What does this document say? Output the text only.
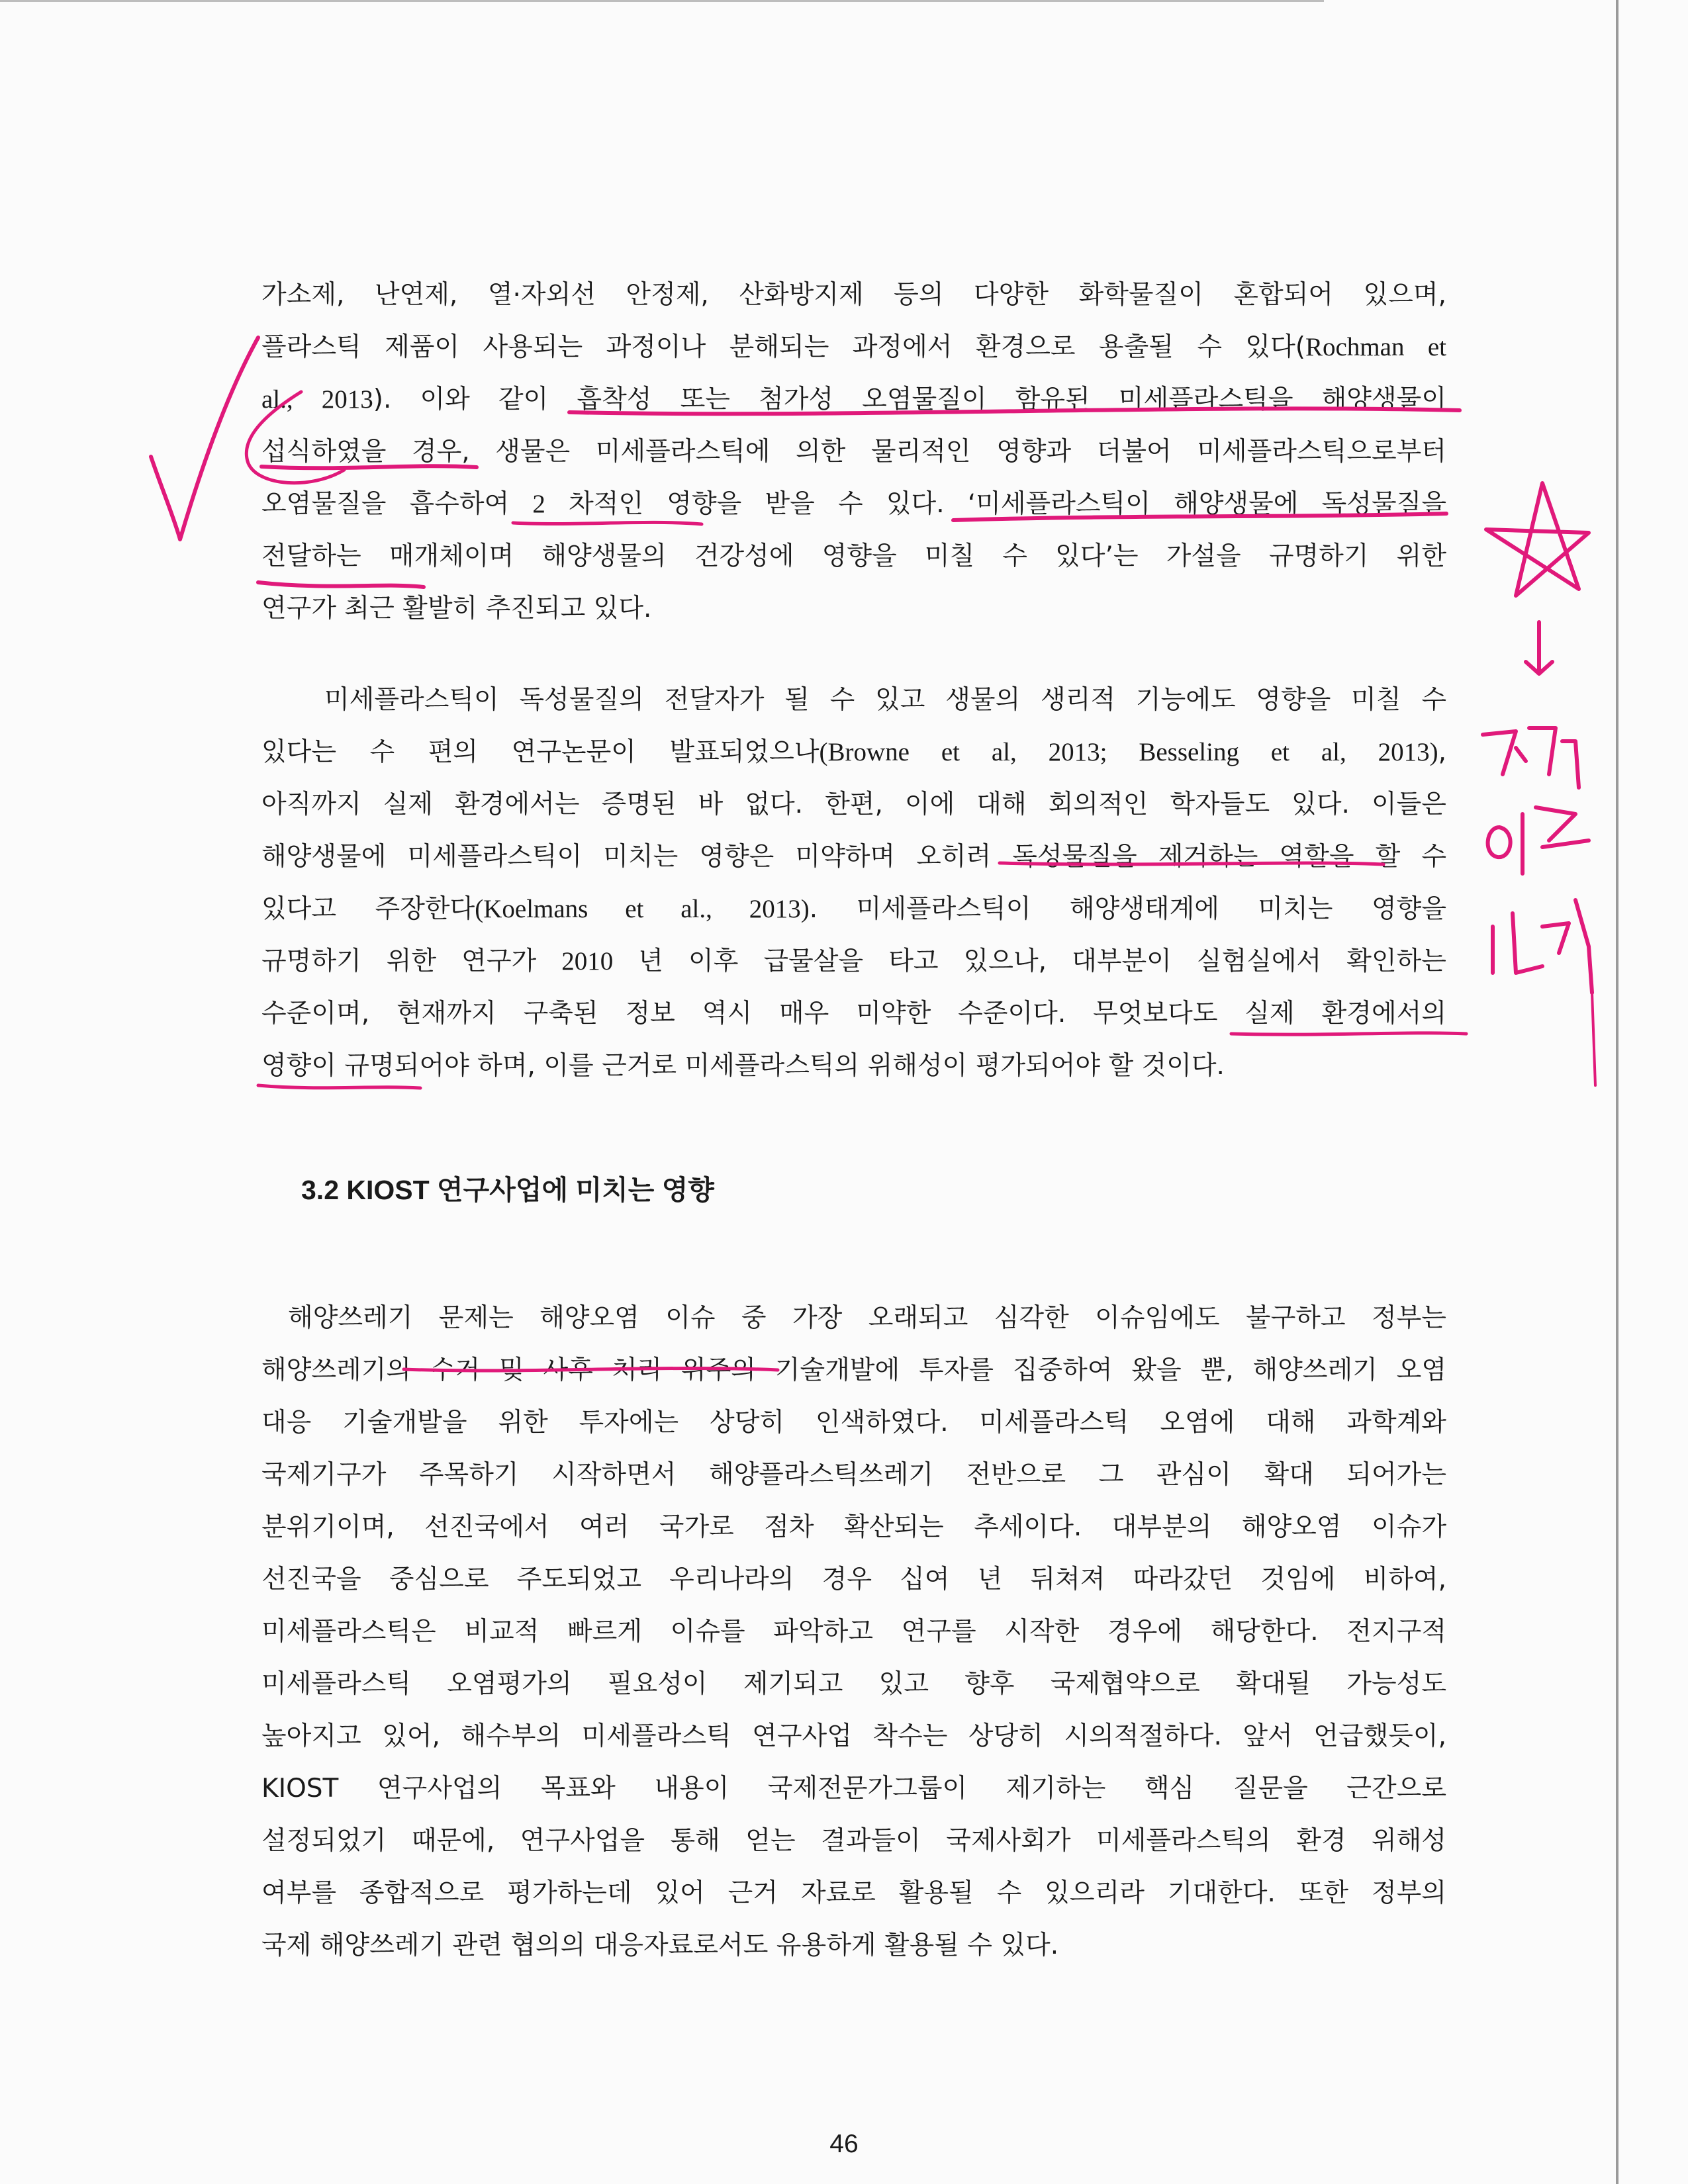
가소제, 난연제, 열·자외선 안정제, 산화방지제 등의 다양한 화학물질이 혼합되어 있으며,
플라스틱 제품이 사용되는 과정이나 분해되는 과정에서 환경으로 용출될 수 있다(Rochman et
al., 2013). 이와 같이 흡착성 또는 첨가성 오염물질이 함유된 미세플라스틱을 해양생물이
섭식하였을 경우, 생물은 미세플라스틱에 의한 물리적인 영향과 더불어 미세플라스틱으로부터
오염물질을 흡수하여 2 차적인 영향을 받을 수 있다. ‘미세플라스틱이 해양생물에 독성물질을
전달하는 매개체이며 해양생물의 건강성에 영향을 미칠 수 있다’는 가설을 규명하기 위한
연구가 최근 활발히 추진되고 있다.
미세플라스틱이 독성물질의 전달자가 될 수 있고 생물의 생리적 기능에도 영향을 미칠 수
있다는 수 편의 연구논문이 발표되었으나(Browne et al, 2013; Besseling et al, 2013),
아직까지 실제 환경에서는 증명된 바 없다. 한편, 이에 대해 회의적인 학자들도 있다. 이들은
해양생물에 미세플라스틱이 미치는 영향은 미약하며 오히려 독성물질을 제거하는 역할을 할 수
있다고 주장한다(Koelmans et al., 2013). 미세플라스틱이 해양생태계에 미치는 영향을
규명하기 위한 연구가 2010 년 이후 급물살을 타고 있으나, 대부분이 실험실에서 확인하는
수준이며, 현재까지 구축된 정보 역시 매우 미약한 수준이다. 무엇보다도 실제 환경에서의
영향이 규명되어야 하며, 이를 근거로 미세플라스틱의 위해성이 평가되어야 할 것이다.
3.2 KIOST 연구사업에 미치는 영향
해양쓰레기 문제는 해양오염 이슈 중 가장 오래되고 심각한 이슈임에도 불구하고 정부는
해양쓰레기의 수거 및 사후 처리 위주의 기술개발에 투자를 집중하여 왔을 뿐, 해양쓰레기 오염
대응 기술개발을 위한 투자에는 상당히 인색하였다. 미세플라스틱 오염에 대해 과학계와
국제기구가 주목하기 시작하면서 해양플라스틱쓰레기 전반으로 그 관심이 확대 되어가는
분위기이며, 선진국에서 여러 국가로 점차 확산되는 추세이다. 대부분의 해양오염 이슈가
선진국을 중심으로 주도되었고 우리나라의 경우 십여 년 뒤쳐져 따라갔던 것임에 비하여,
미세플라스틱은 비교적 빠르게 이슈를 파악하고 연구를 시작한 경우에 해당한다. 전지구적
미세플라스틱 오염평가의 필요성이 제기되고 있고 향후 국제협약으로 확대될 가능성도
높아지고 있어, 해수부의 미세플라스틱 연구사업 착수는 상당히 시의적절하다. 앞서 언급했듯이,
KIOST 연구사업의 목표와 내용이 국제전문가그룹이 제기하는 핵심 질문을 근간으로
설정되었기 때문에, 연구사업을 통해 얻는 결과들이 국제사회가 미세플라스틱의 환경 위해성
여부를 종합적으로 평가하는데 있어 근거 자료로 활용될 수 있으리라 기대한다. 또한 정부의
국제 해양쓰레기 관련 협의의 대응자료로서도 유용하게 활용될 수 있다.
46
